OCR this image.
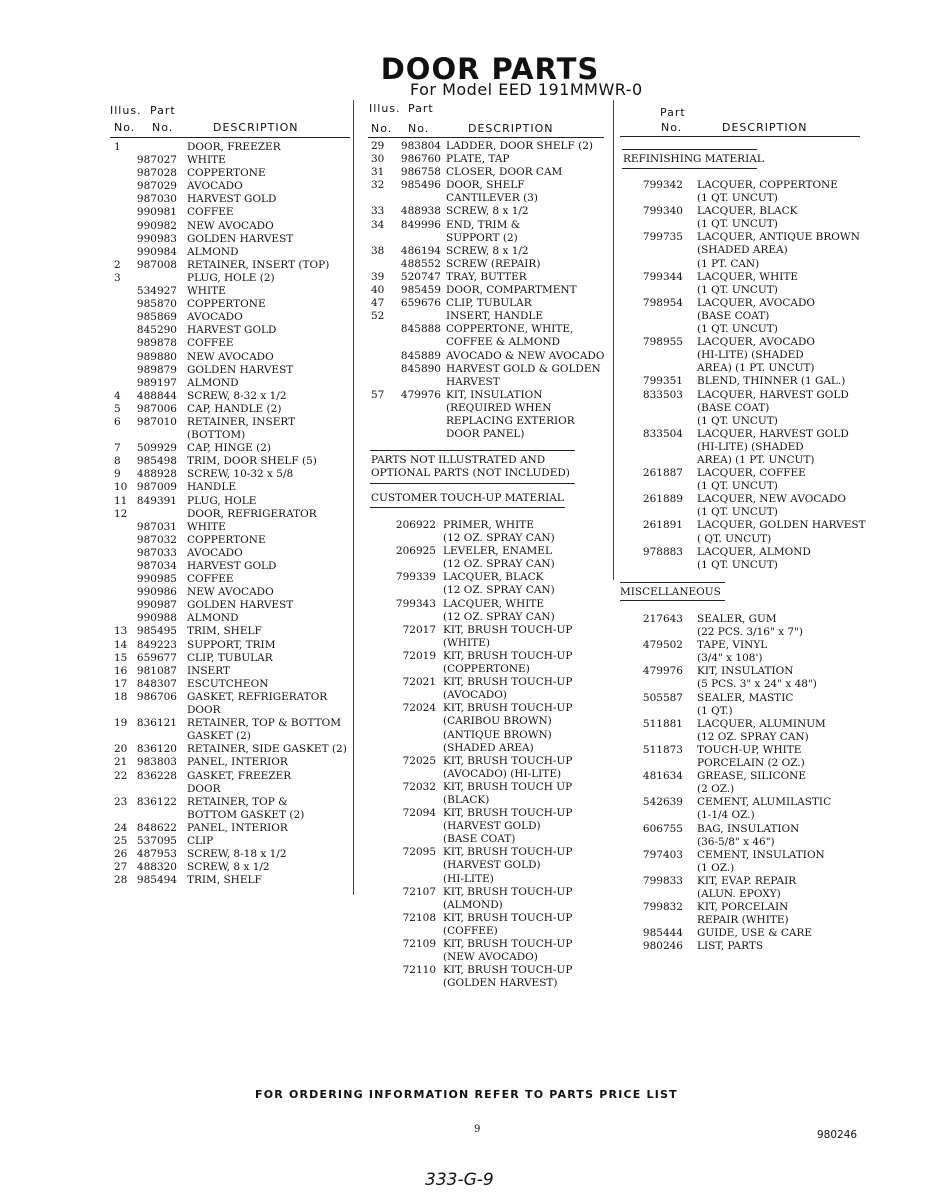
DOOR PARTS
For Model EED 191MMWR-0
Illus. Part
No. No.	DESCRIPTION
Illus. Part
No. No.	DESCRIPTION
Part
No.	DESCRIPTION
1	DOOR, FREEZER
987027 WHITE
987028 COPPERTONE
987029 AVOCADO
987030 HARVEST GOLD
990981 COFFEE
990982 NEW AVOCADO
990983 GOLDEN HARVEST
990984 ALMOND
2 987008 RETAINER, INSERT (TOP)
3	PLUG, HOLE (2)
534927 WHITE
985870 COPPERTONE
985869 AVOCADO
845290 HARVEST GOLD
989878 COFFEE
989880 NEW AVOCADO
989879 GOLDEN HARVEST
989197 ALMOND
4 488844 SCREW, 8-32 x 1/2
5 987006 CAP, HANDLE (2)
6 987010 RETAINER, INSERT
(BOTTOM)
7 509929 CAP, HINGE (2)
8 985498 TRIM, DOOR SHELF (5)
9 488928 SCREW, 10-32 x 5/8
10 987009 HANDLE
11 849391 PLUG, HOLE
12	DOOR, REFRIGERATOR
987031 WHITE
987032 COPPERTONE
987033 AVOCADO
987034 HARVEST GOLD
990985 COFFEE
990986 NEW AVOCADO
990987 GOLDEN HARVEST
990988 ALMOND
13 985495 TRIM, SHELF
14 849223 SUPPORT, TRIM
15 659677 CLIP, TUBULAR
16 981087 INSERT
17 848307 ESCUTCHEON
18 986706 GASKET, REFRIGERATOR
DOOR
19 836121 RETAINER, TOP & BOTTOM
GASKET (2)
20 836120 RETAINER, SIDE GASKET (2)
21 983803 PANEL, INTERIOR
22 836228 GASKET, FREEZER
DOOR
23 836122 RETAINER, TOP &
BOTTOM GASKET (2)
24 848622 PANEL, INTERIOR
25 537095 CLIP
26 487953 SCREW, 8-18 x 1/2
27 488320 SCREW, 8 x 1/2
28 985494 TRIM, SHELF
29 983804 LADDER, DOOR SHELF (2)
30 986760 PLATE, TAP
31 986758 CLOSER, DOOR CAM
32 985496 DOOR, SHELF
CANTILEVER (3)
33 488938 SCREW, 8 x 1/2
34 849996 END, TRIM &
SUPPORT (2)
38 486194 SCREW, 8 x 1/2
488552 SCREW (REPAIR)
39 520747 TRAY, BUTTER
40 985459 DOOR, COMPARTMENT
47 659676 CLIP, TUBULAR
52	INSERT, HANDLE
845888 COPPERTONE, WHITE,
COFFEE & ALMOND
845889 AVOCADO & NEW AVOCADO
845890 HARVEST GOLD & GOLDEN
HARVEST
57 479976 KIT, INSULATION
(REQUIRED WHEN
REPLACING EXTERIOR
DOOR PANEL)
PARTS NOT ILLUSTRATED AND
OPTIONAL PARTS (NOT INCLUDED)
CUSTOMER TOUCH-UP MATERIAL
206922 PRIMER, WHITE
(12 OZ. SPRAY CAN)
206925 LEVELER, ENAMEL
(12 OZ. SPRAY CAN)
799339 LACQUER, BLACK
(12 OZ. SPRAY CAN)
799343 LACQUER, WHITE
(12 OZ. SPRAY CAN)
72017 KIT, BRUSH TOUCH-UP
(WHITE)
72019 KIT, BRUSH TOUCH-UP
(COPPERTONE)
72021 KIT, BRUSH TOUCH-UP
(AVOCADO)
72024 KIT, BRUSH TOUCH-UP
(CARIBOU BROWN)
(ANTIQUE BROWN)
(SHADED AREA)
72025 KIT, BRUSH TOUCH-UP
(AVOCADO) (HI-LITE)
72032 KIT, BRUSH TOUCH UP
(BLACK)
72094 KIT, BRUSH TOUCH-UP
(HARVEST GOLD)
(BASE COAT)
72095 KIT, BRUSH TOUCH-UP
(HARVEST GOLD)
(HI-LITE)
72107 KIT, BRUSH TOUCH-UP
(ALMOND)
72108 KIT, BRUSH TOUCH-UP
(COFFEE)
72109 KIT, BRUSH TOUCH-UP
(NEW AVOCADO)
72110 KIT, BRUSH TOUCH-UP
(GOLDEN HARVEST)
REFINISHING MATERIAL
799342 LACQUER, COPPERTONE
(1 QT. UNCUT)
799340 LACQUER, BLACK
(1 QT. UNCUT)
799735 LACQUER, ANTIQUE BROWN
(SHADED AREA)
(1 PT. CAN)
799344 LACQUER, WHITE
(1 QT. UNCUT)
798954 LACQUER, AVOCADO
(BASE COAT)
(1 QT. UNCUT)
798955 LACQUER, AVOCADO
(HI-LITE) (SHADED
AREA) (1 PT. UNCUT)
799351 BLEND, THINNER (1 GAL.)
833503 LACQUER, HARVEST GOLD
(BASE COAT)
(1 QT. UNCUT)
833504 LACQUER, HARVEST GOLD
(HI-LITE) (SHADED
AREA) (1 PT. UNCUT)
261887 LACQUER, COFFEE
(1 QT. UNCUT)
261889 LACQUER, NEW AVOCADO
(1 QT. UNCUT)
261891 LACQUER, GOLDEN HARVEST
( QT. UNCUT)
978883 LACQUER, ALMOND
(1 QT. UNCUT)
MISCELLANEOUS
217643 SEALER, GUM
(22 PCS. 3/16" x 7")
479502 TAPE, VINYL
(3/4" x 108')
479976 KIT, INSULATION
(5 PCS. 3" x 24" x 48")
505587 SEALER, MASTIC
(1 QT.)
511881 LACQUER, ALUMINUM
(12 OZ. SPRAY CAN)
511873 TOUCH-UP, WHITE
PORCELAIN (2 OZ.)
481634 GREASE, SILICONE
(2 OZ.)
542639 CEMENT, ALUMILASTIC
(1-1/4 OZ.)
606755 BAG, INSULATION
(36-5/8" x 46")
797403 CEMENT, INSULATION
(1 OZ.)
799833 KIT, EVAP. REPAIR
(ALUN. EPOXY)
799832 KIT, PORCELAIN
REPAIR (WHITE)
985444 GUIDE, USE & CARE
980246 LIST, PARTS
FOR ORDERING INFORMATION REFER TO PARTS PRICE LIST
9	980246
333-G-9
